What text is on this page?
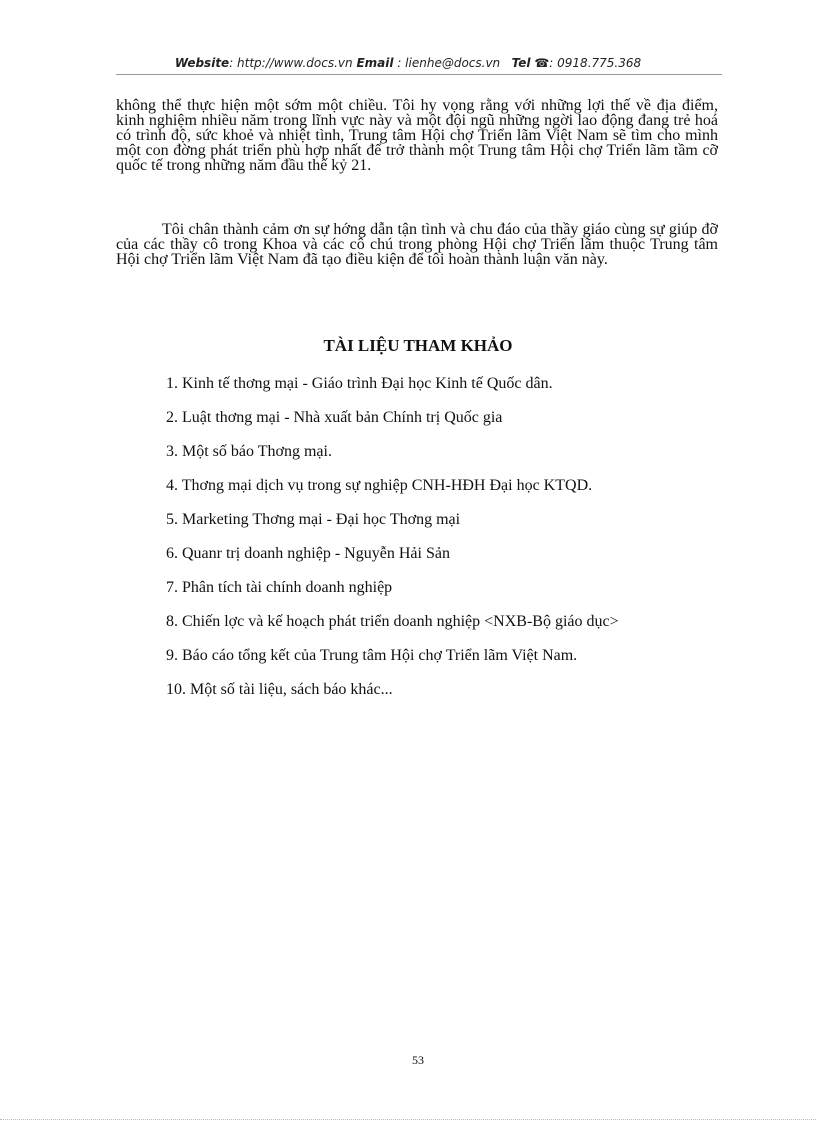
Website: http://www.docs.vn Email : lienhe@docs.vn Tel ☎: 0918.775.368

không thể thực hiện một sớm một chiều. Tôi hy vọng rằng với những lợi thế về địa điểm, kinh nghiệm nhiều năm trong lĩnh vực này và một đội ngũ những ngời lao động đang trẻ hoá có trình độ, sức khoẻ và nhiệt tình, Trung tâm Hội chợ Triển lãm Việt Nam sẽ tìm cho mình một con đờng phát triển phù hợp nhất để trở thành một Trung tâm Hội chợ Triển lãm tầm cỡ quốc tế trong những năm đầu thế kỷ 21.

Tôi chân thành cảm ơn sự hớng dẫn tận tình và chu đáo của thầy giáo cùng sự giúp đỡ của các thầy cô trong Khoa và các cô chú trong phòng Hội chợ Triển lãm thuộc Trung tâm Hội chợ Triển lãm Việt Nam đã tạo điều kiện để tôi hoàn thành luận văn này.

TÀI LIỆU THAM KHẢO
1. Kinh tế thơng mại - Giáo trình Đại học Kinh tế Quốc dân.
2. Luật thơng mại - Nhà xuất bản Chính trị Quốc gia
3. Một số báo Thơng mại.
4. Thơng mại dịch vụ trong sự nghiệp CNH-HĐH Đại học KTQD.
5. Marketing Thơng mại - Đại học Thơng mại
6. Quanr trị doanh nghiệp - Nguyễn Hải Sản
7. Phân tích tài chính doanh nghiệp
8. Chiến lợc và kế hoạch phát triển doanh nghiệp <NXB-Bộ giáo dục>
9. Báo cáo tổng kết của Trung tâm Hội chợ Triển lãm Việt Nam.
10. Một số tài liệu, sách báo khác...
53
